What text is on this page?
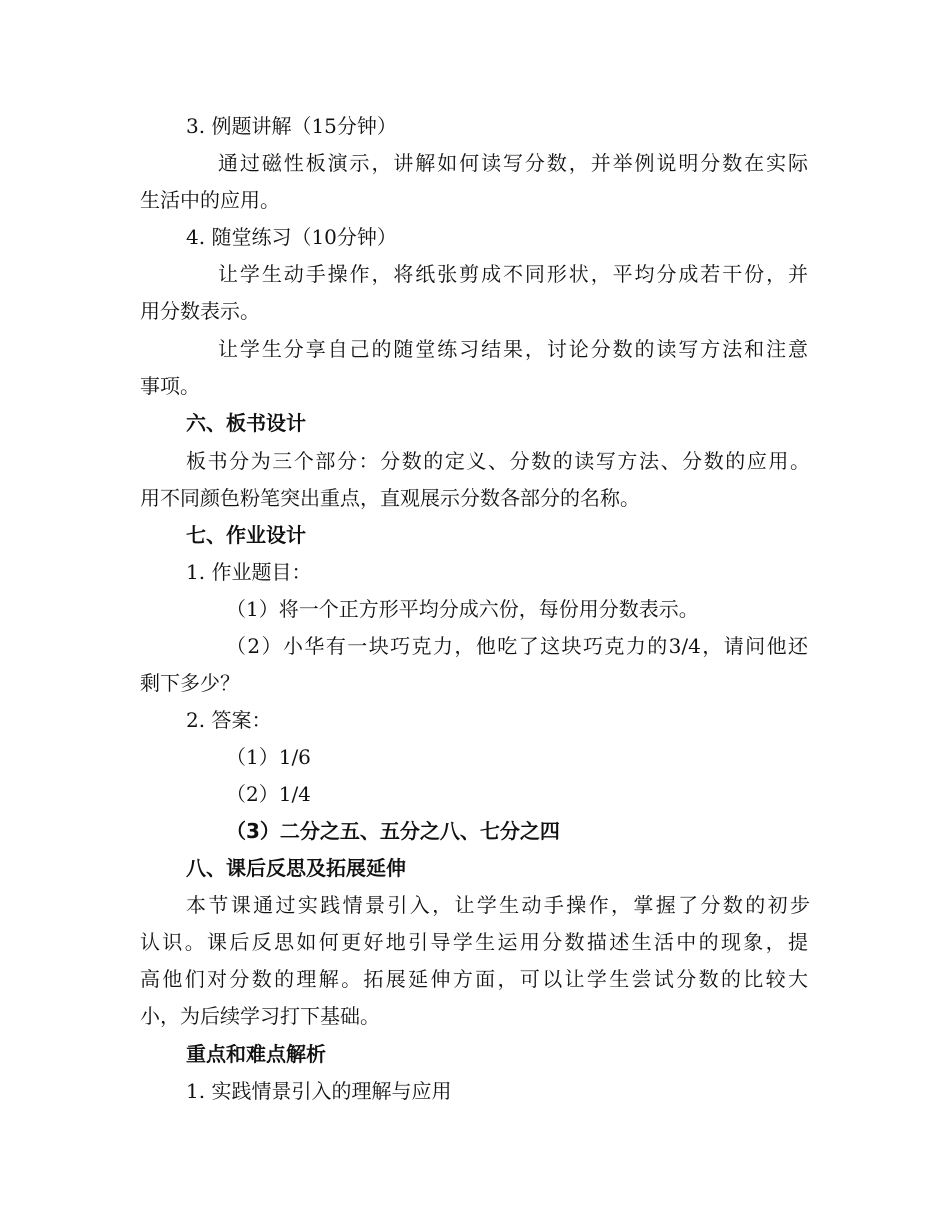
3. 例题讲解（15分钟）
通过磁性板演示，讲解如何读写分数，并举例说明分数在实际
生活中的应用。
4. 随堂练习（10分钟）
让学生动手操作，将纸张剪成不同形状，平均分成若干份，并
用分数表示。
让学生分享自己的随堂练习结果，讨论分数的读写方法和注意
事项。
六、板书设计
板书分为三个部分：分数的定义、分数的读写方法、分数的应用。
用不同颜色粉笔突出重点，直观展示分数各部分的名称。
七、作业设计
1. 作业题目：
（1）将一个正方形平均分成六份，每份用分数表示。
（2）小华有一块巧克力，他吃了这块巧克力的3/4，请问他还
剩下多少？
2. 答案：
（1）1/6
（2）1/4
（3）二分之五、五分之八、七分之四
八、课后反思及拓展延伸
本节课通过实践情景引入，让学生动手操作，掌握了分数的初步
认识。课后反思如何更好地引导学生运用分数描述生活中的现象，提
高他们对分数的理解。拓展延伸方面，可以让学生尝试分数的比较大
小，为后续学习打下基础。
重点和难点解析
1. 实践情景引入的理解与应用
